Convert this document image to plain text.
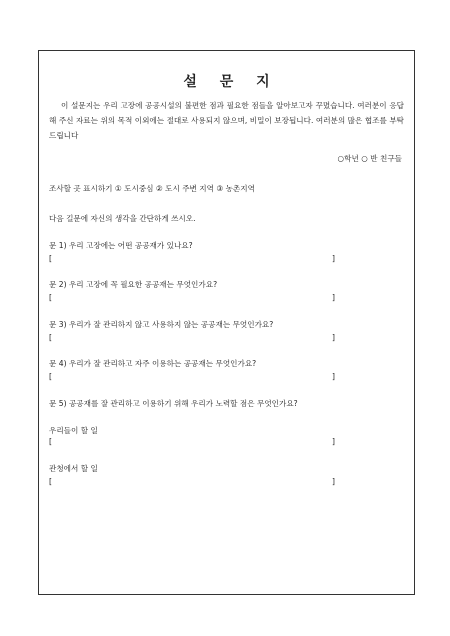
설 문 지

이 설문지는 우리 고장에 공공시설의 불편한 점과 필요한 점들을 알아보고자 꾸몄습니다. 여러분이 응답해 주신 자료는 위의 목적 이외에는 절대로 사용되지 않으며, 비밀이 보장됩니다. 여러분의 많은 협조를 부탁드립니다

○학년 ○ 반 친구들
조사할 곳 표시하기 ① 도시중심 ② 도시 주변 지역 ③ 농촌지역
다음 길문에 자신의 생각을 간단하게 쓰시오.
문 1) 우리 고장에는 어떤 공공재가 있나요?
[	]
문 2) 우리 고장에 꼭 필요한 공공재는 무엇인가요?
[	]
문 3) 우리가 잘 관리하지 않고 사용하지 않는 공공재는 무엇인가요?
[	]
문 4) 우리가 잘 관리하고 자주 이용하는 공공재는 무엇인가요?
[	]
문 5) 공공재를 잘 관리하고 이용하기 위해 우리가 노력할 점은 무엇인가요?
우리들이 할 일
[	]
관청에서 할 일
[	]
